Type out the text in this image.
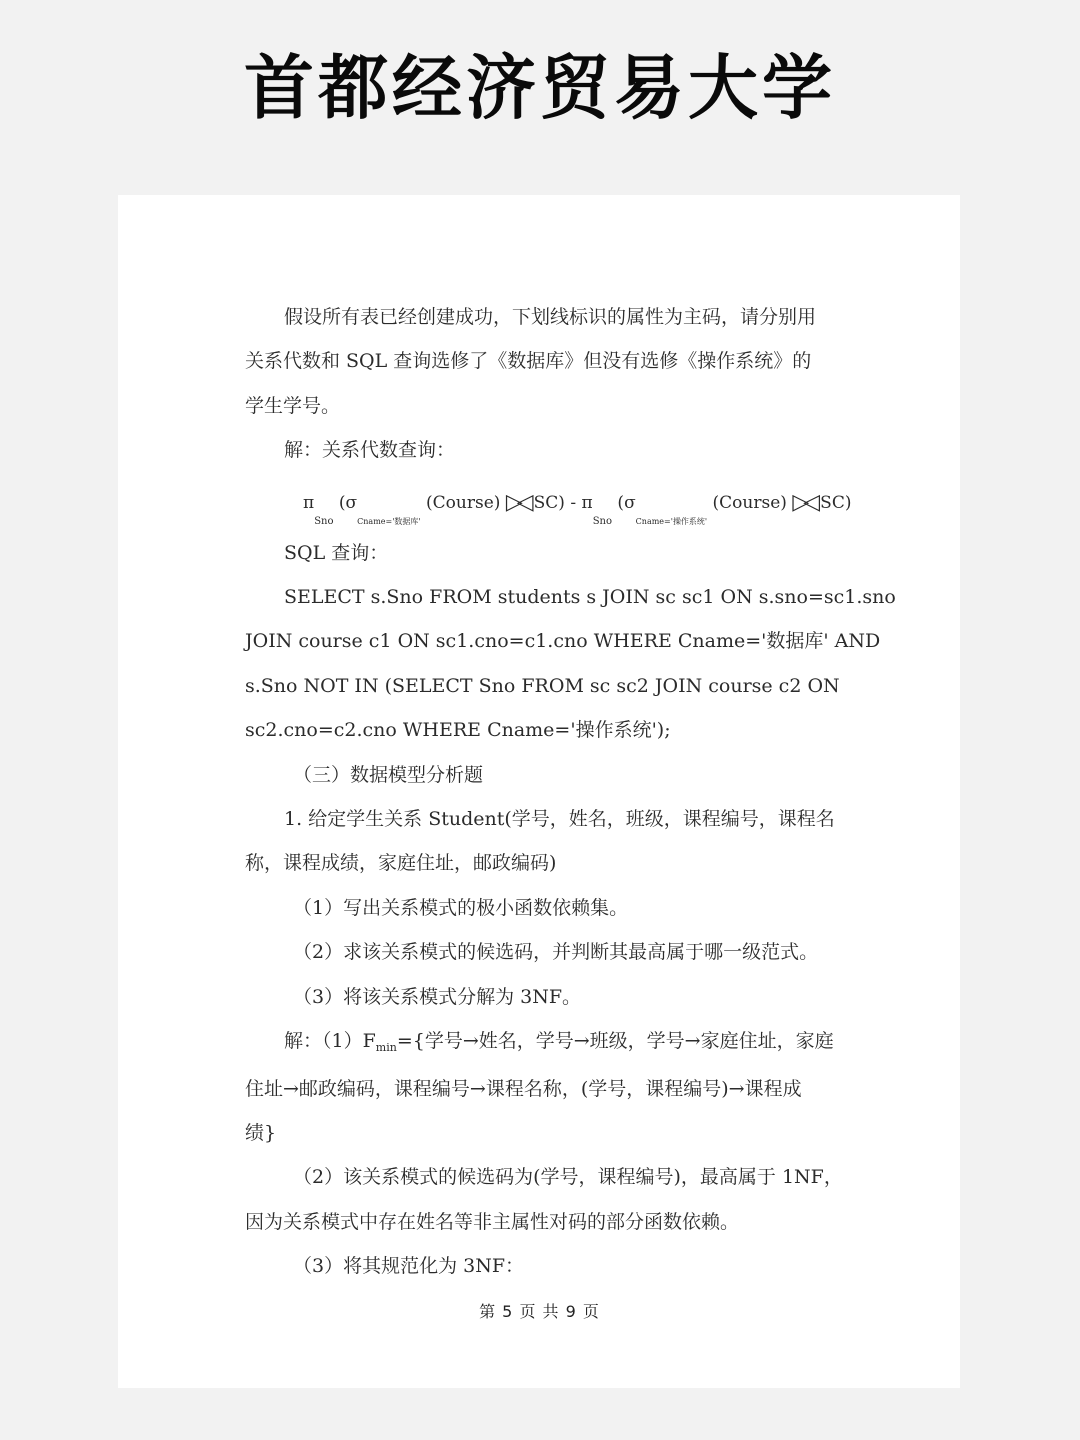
首都经济贸易大学
假设所有表已经创建成功，下划线标识的属性为主码，请分别用
关系代数和 SQL 查询选修了《数据库》但没有选修《操作系统》的
学生学号。
解：关系代数查询：
$\pi_{Sno}$ ($\sigma_{Cname='数据库'}$ (Course) ▷◁ $SC) - \pi_{Sno}$ ($\sigma_{Cname='操作系统'}$ (Course) ▷◁ SC)
SQL 查询：
SELECT s.Sno FROM students s JOIN sc sc1 ON s.sno=sc1.sno
JOIN course c1 ON sc1.cno=c1.cno WHERE Cname='数据库' AND
s.Sno NOT IN (SELECT Sno FROM sc sc2 JOIN course c2 ON
sc2.cno=c2.cno WHERE Cname='操作系统');
（三）数据模型分析题
1. 给定学生关系 Student(学号，姓名，班级，课程编号，课程名
称，课程成绩，家庭住址，邮政编码)
（1）写出关系模式的极小函数依赖集。
（2）求该关系模式的候选码，并判断其最高属于哪一级范式。
（3）将该关系模式分解为 3NF。
解：$(1)F_{min}=${学号→姓名，学号→班级，学号→家庭住址，家庭
住址→邮政编码，课程编号→课程名称，(学号，课程编号)→课程成
绩}
（2）该关系模式的候选码为(学号，课程编号)，最高属于 1NF，
因为关系模式中存在姓名等非主属性对码的部分函数依赖。
（3）将其规范化为 3NF：
第 5 页 共 9 页
